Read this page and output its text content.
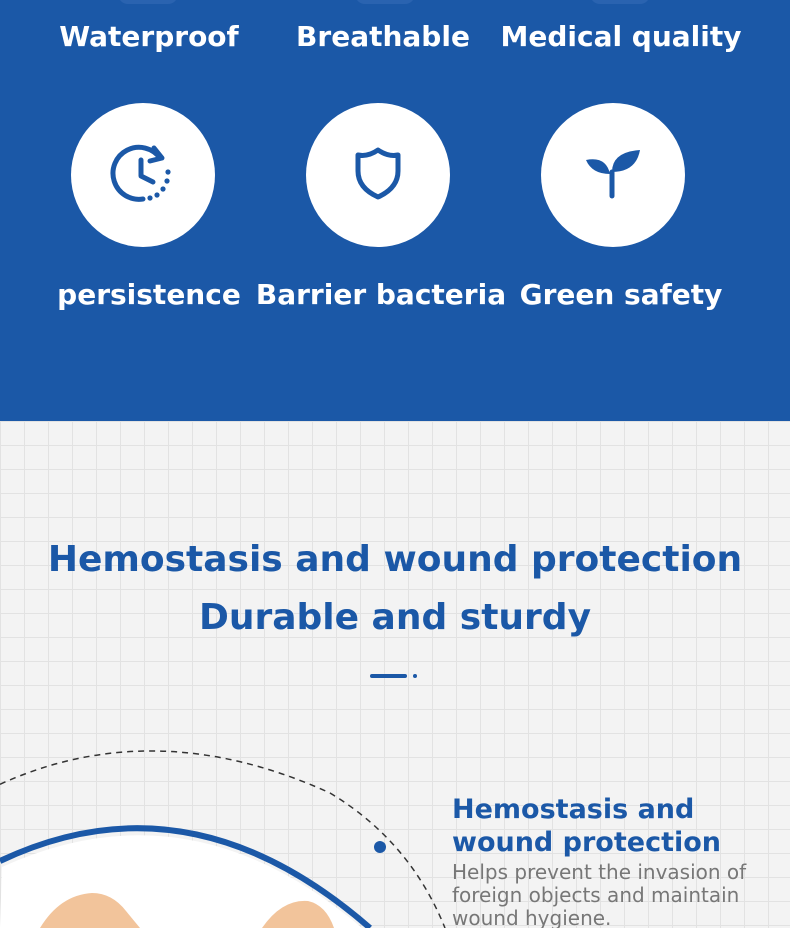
Waterproof Breathable Medical quality
persistence Barrier bacteria Green safety
Hemostasis and wound protection
Durable and sturdy
Hemostasis and
wound protection
Helps prevent the invasion of
foreign objects and maintain
wound hygiene.
